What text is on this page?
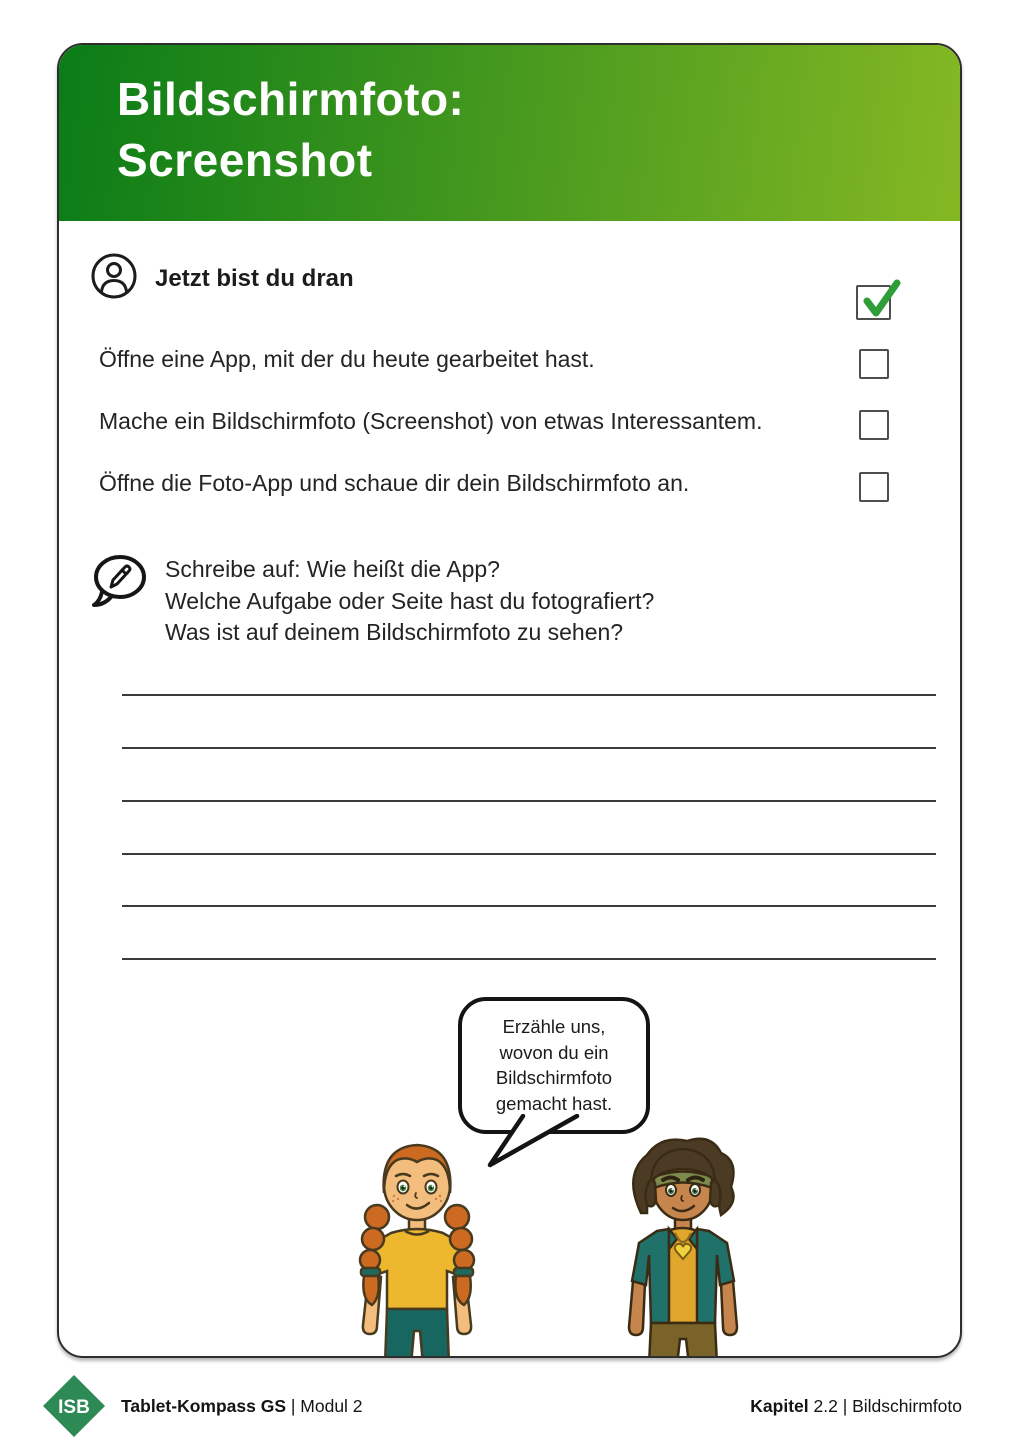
Bildschirmfoto:
Screenshot
Jetzt bist du dran
Öffne eine App, mit der du heute gearbeitet hast.
Mache ein Bildschirmfoto (Screenshot) von etwas Interessantem.
Öffne die Foto-App und schaue dir dein Bildschirmfoto an.
Schreibe auf: Wie heißt die App?
Welche Aufgabe oder Seite hast du fotografiert?
Was ist auf deinem Bildschirmfoto zu sehen?
Erzähle uns,
wovon du ein
Bildschirmfoto
gemacht hast.
ISB Tablet-Kompass GS | Modul 2	Kapitel 2.2 | Bildschirmfoto
